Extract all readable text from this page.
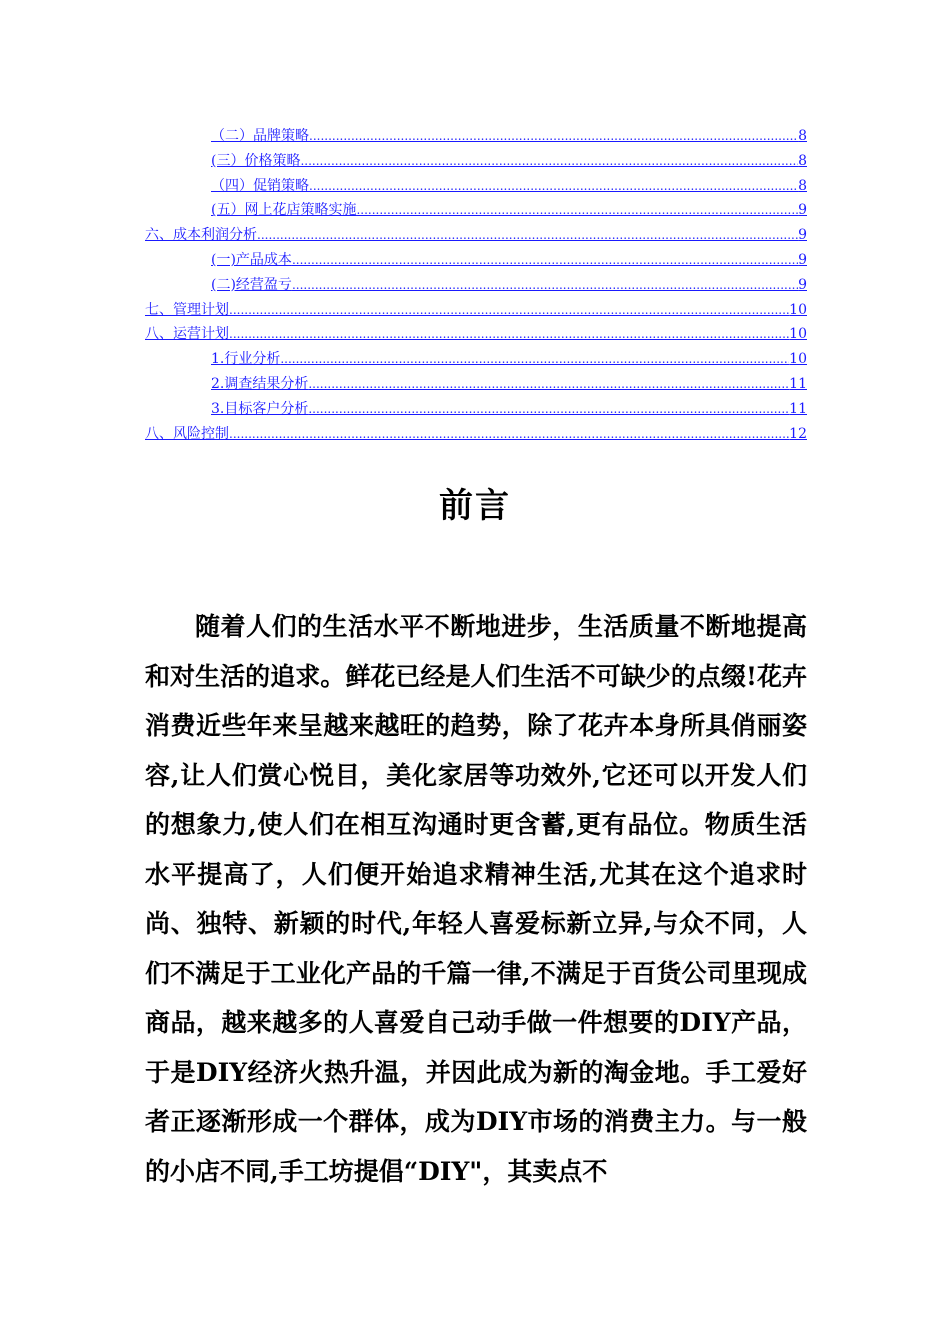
（二）品牌策略 .....	8
(三）价格策略 .....	8
（四）促销策略 .....	8
(五）网上花店策略实施 .....	9
六、成本利润分析 .....	9
(一)产品成本 .....	9
(二)经营盈亏 .....	9
七、管理计划 .....	10
八、运营计划 .....	10
1.行业分析 .....	10
2.调查结果分析 .....	11
3.目标客户分析 .....	11
八、风险控制 .....	12
前言

随着人们的生活水平不断地进步，生活质量不断地提高和对生活的追求。鲜花已经是人们生活不可缺少的点缀!花卉消费近些年来呈越来越旺的趋势，除了花卉本身所具俏丽姿容,让人们赏心悦目，美化家居等功效外,它还可以开发人们的想象力,使人们在相互沟通时更含蓄,更有品位。物质生活水平提高了，人们便开始追求精神生活,尤其在这个追求时尚、独特、新颖的时代,年轻人喜爱标新立异,与众不同，人们不满足于工业化产品的千篇一律,不满足于百货公司里现成商品，越来越多的人喜爱自己动手做一件想要的DIY产品，于是DIY经济火热升温，并因此成为新的淘金地。手工爱好者正逐渐形成一个群体，成为DIY市场的消费主力。与一般的小店不同,手工坊提倡“DIY"，其卖点不
